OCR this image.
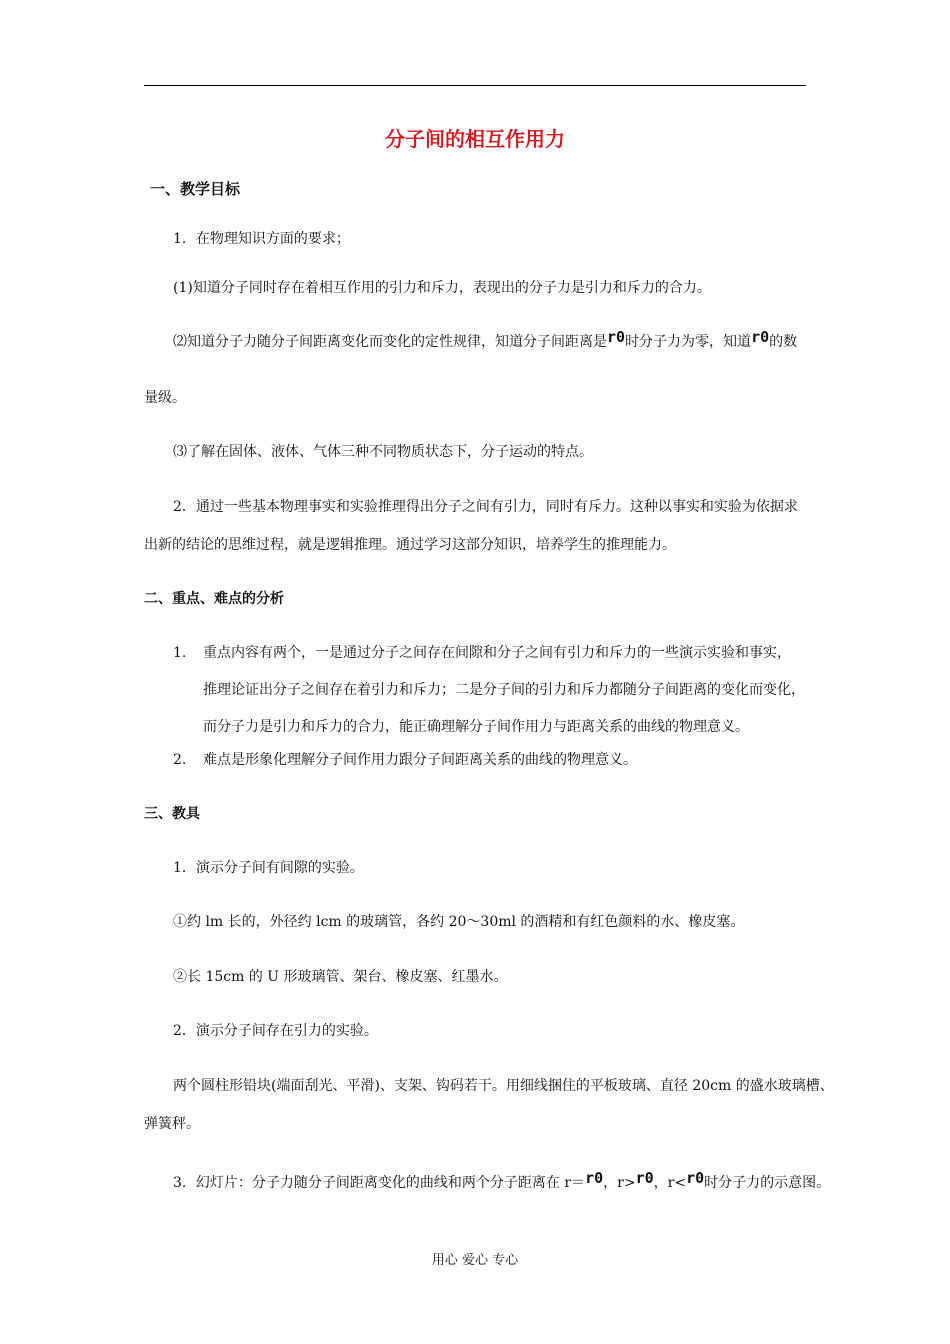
分子间的相互作用力
一、教学目标
1．在物理知识方面的要求；
(1)知道分子同时存在着相互作用的引力和斥力，表现出的分子力是引力和斥力的合力。
⑵知道分子力随分子间距离变化而变化的定性规律，知道分子间距离是r0时分子力为零，知道r0的数
量级。
⑶了解在固体、液体、气体三种不同物质状态下，分子运动的特点。
2．通过一些基本物理事实和实验推理得出分子之间有引力，同时有斥力。这种以事实和实验为依据求
出新的结论的思维过程，就是逻辑推理。通过学习这部分知识，培养学生的推理能力。
二、重点、难点的分析
1. 重点内容有两个，一是通过分子之间存在间隙和分子之间有引力和斥力的一些演示实验和事实，
推理论证出分子之间存在着引力和斥力；二是分子间的引力和斥力都随分子间距离的变化而变化，
而分子力是引力和斥力的合力，能正确理解分子间作用力与距离关系的曲线的物理意义。
2. 难点是形象化理解分子间作用力跟分子间距离关系的曲线的物理意义。
三、教具
1．演示分子间有间隙的实验。
①约 lm 长的，外径约 lcm 的玻璃管，各约 20～30ml 的酒精和有红色颜料的水、橡皮塞。
②长 15cm 的 U 形玻璃管、架台、橡皮塞、红墨水。
2．演示分子间存在引力的实验。
两个圆柱形铅块(端面刮光、平滑)、支架、钩码若干。用细线捆住的平板玻璃、直径 20cm 的盛水玻璃槽、
弹簧秤。
3．幻灯片：分子力随分子间距离变化的曲线和两个分子距离在 r＝r0，r>r0，r<r0时分子力的示意图。
用心 爱心 专心
